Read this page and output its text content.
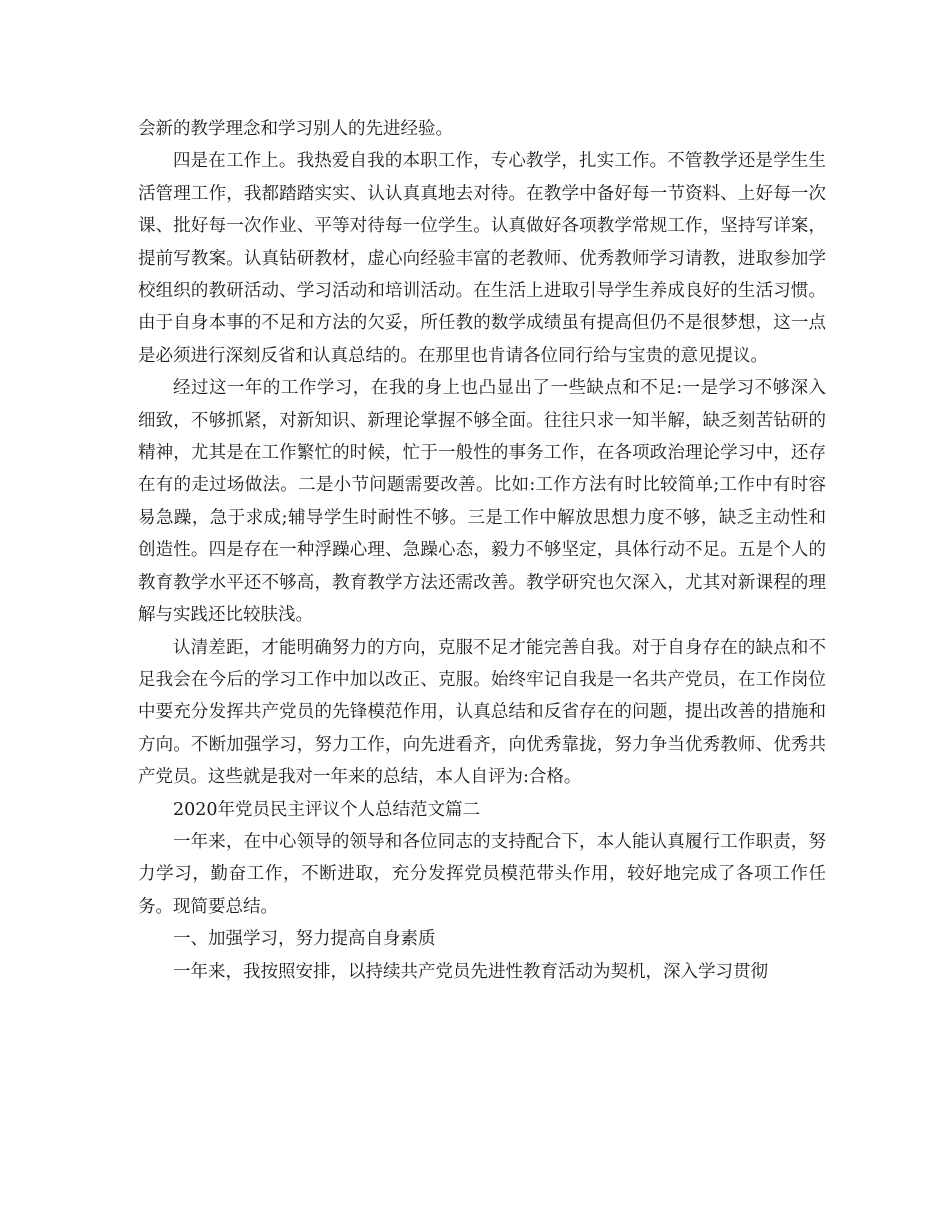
会新的教学理念和学习别人的先进经验。

四是在工作上。我热爱自我的本职工作，专心教学，扎实工作。不管教学还是学生生活管理工作，我都踏踏实实、认认真真地去对待。在教学中备好每一节资料、上好每一次课、批好每一次作业、平等对待每一位学生。认真做好各项教学常规工作，坚持写详案，提前写教案。认真钻研教材，虚心向经验丰富的老教师、优秀教师学习请教，进取参加学校组织的教研活动、学习活动和培训活动。在生活上进取引导学生养成良好的生活习惯。由于自身本事的不足和方法的欠妥，所任教的数学成绩虽有提高但仍不是很梦想，这一点是必须进行深刻反省和认真总结的。在那里也肯请各位同行给与宝贵的意见提议。

经过这一年的工作学习，在我的身上也凸显出了一些缺点和不足:一是学习不够深入细致，不够抓紧，对新知识、新理论掌握不够全面。往往只求一知半解，缺乏刻苦钻研的精神，尤其是在工作繁忙的时候，忙于一般性的事务工作，在各项政治理论学习中，还存在有的走过场做法。二是小节问题需要改善。比如:工作方法有时比较简单;工作中有时容易急躁，急于求成;辅导学生时耐性不够。三是工作中解放思想力度不够，缺乏主动性和创造性。四是存在一种浮躁心理、急躁心态，毅力不够坚定，具体行动不足。五是个人的教育教学水平还不够高，教育教学方法还需改善。教学研究也欠深入，尤其对新课程的理解与实践还比较肤浅。

认清差距，才能明确努力的方向，克服不足才能完善自我。对于自身存在的缺点和不足我会在今后的学习工作中加以改正、克服。始终牢记自我是一名共产党员，在工作岗位中要充分发挥共产党员的先锋模范作用，认真总结和反省存在的问题，提出改善的措施和方向。不断加强学习，努力工作，向先进看齐，向优秀靠拢，努力争当优秀教师、优秀共产党员。这些就是我对一年来的总结，本人自评为:合格。

2020年党员民主评议个人总结范文篇二

一年来，在中心领导的领导和各位同志的支持配合下，本人能认真履行工作职责，努力学习，勤奋工作，不断进取，充分发挥党员模范带头作用，较好地完成了各项工作任务。现简要总结。

一、加强学习，努力提高自身素质

一年来，我按照安排，以持续共产党员先进性教育活动为契机，深入学习贯彻
